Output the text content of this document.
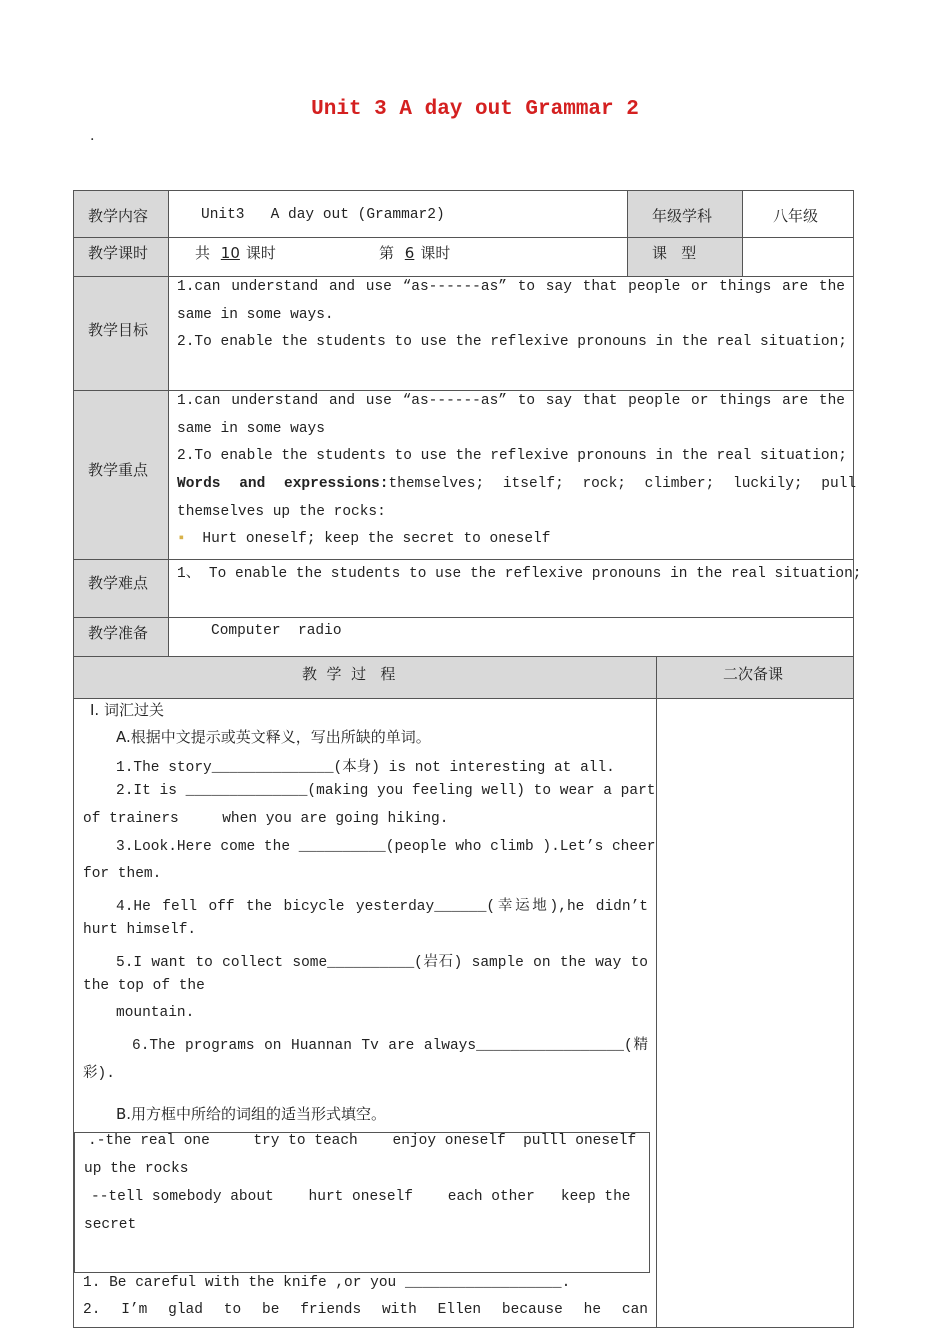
Unit 3 A day out Grammar 2
.
教学内容	Unit3   A day out (Grammar2)	年级学科	八年级
教学课时	共 10 课时	第 6 课时	课   型
教学目标
1.can understand and use “as------as” to say that people or things are the
same in some ways.
2.To enable the students to use the reflexive pronouns in the real situation;
教学重点
1.can understand and use “as------as” to say that people or things are the
same in some ways
2.To enable the students to use the reflexive pronouns in the real situation;
Words and expressions: themselves; itself; rock; climber; luckily; pull
themselves up the rocks:
▪ Hurt oneself; keep the secret to oneself
教学难点 1、 To enable the students to use the reflexive pronouns in the real situation;
教学准备	Computer  radio
教  学  过   程	二次备课
I. 词汇过关
A.根据中文提示或英文释义，写出所缺的单词。
1.The story______________(本身) is not interesting at all.
2.It is ______________(making you feeling well) to wear a part
of trainers     when you are going hiking.
3.Look.Here come the __________(people who climb ).Let’s cheer
for them.
4.He fell off the bicycle yesterday______(幸运地),he didn’t
hurt himself.
5.I want to collect some__________(岩石) sample on the way to
the top of the
mountain.
6.The programs on Huannan Tv are always_________________(精
彩).
B.用方框中所给的词组的适当形式填空。
.-the real one     try to teach    enjoy oneself  pulll oneself
up the rocks
--tell somebody about    hurt oneself    each other   keep the
secret
1. Be careful with the knife ,or you __________________.
2. I’m glad to be friends with Ellen because he can
